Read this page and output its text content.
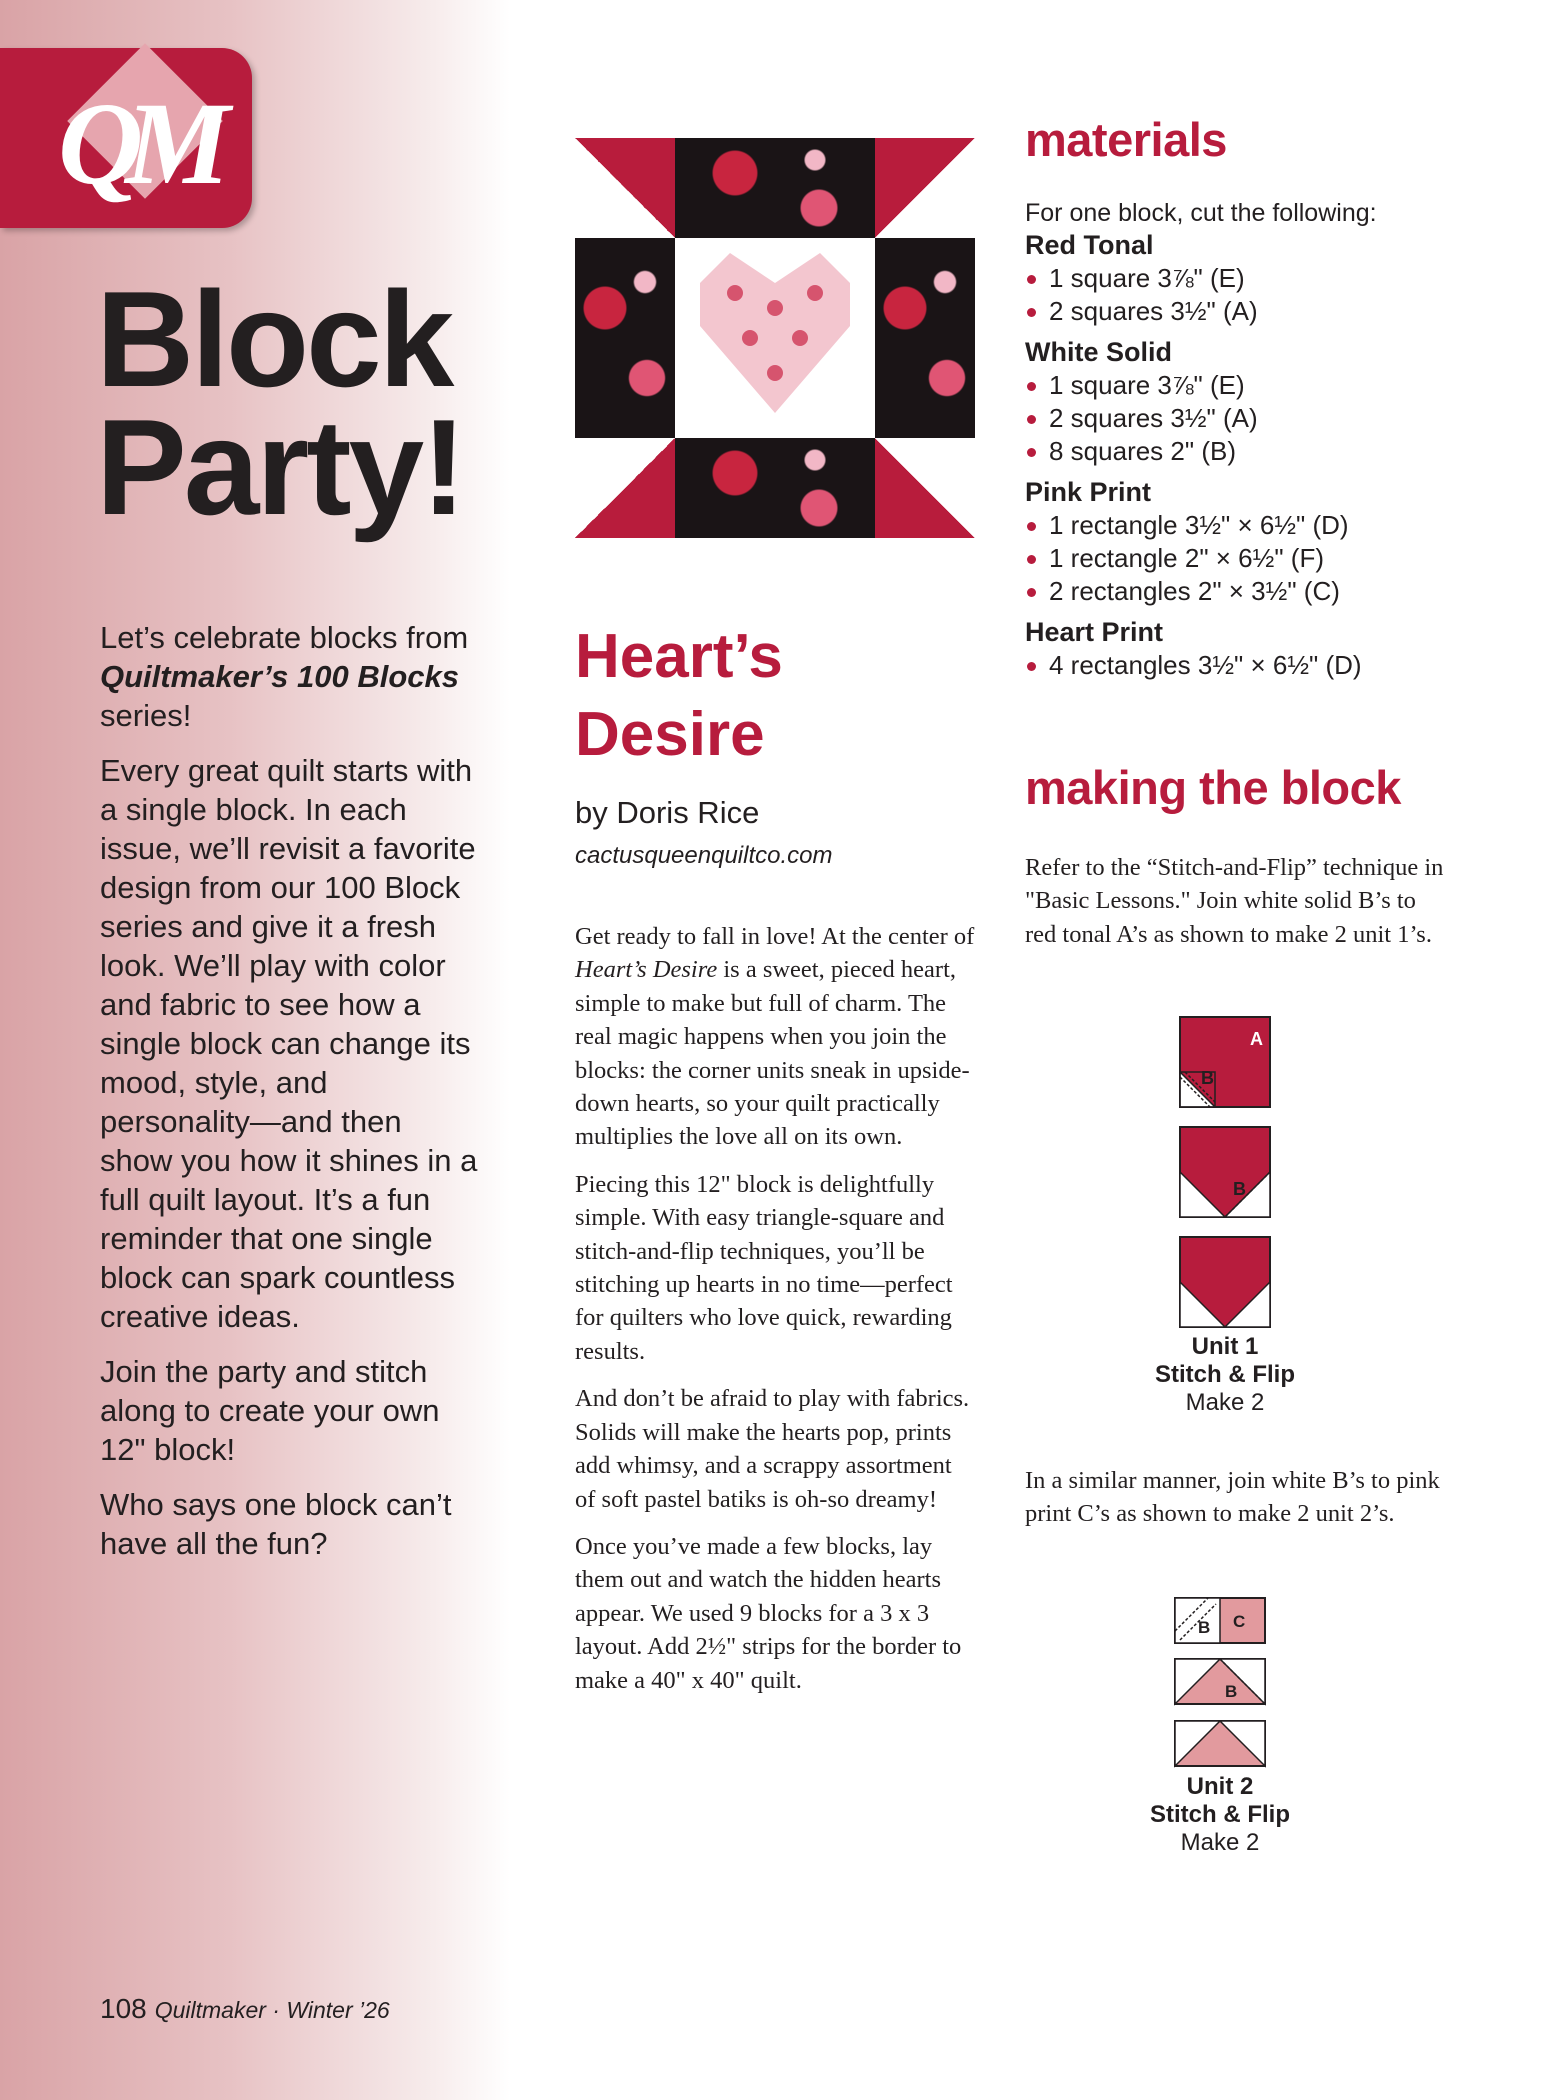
QM
Block
Party!

Let’s celebrate blocks from Quiltmaker’s 100 Blocks series!

Every great quilt starts with a single block. In each issue, we’ll revisit a favorite design from our 100 Block series and give it a fresh look. We’ll play with color and fabric to see how a single block can change its mood, style, and personality—and then show you how it shines in a full quilt layout. It’s a fun reminder that one single block can spark countless creative ideas.

Join the party and stitch along to create your own 12" block!

Who says one block can’t have all the fun?

108 Quiltmaker · Winter ’26
Heart’s
Desire
by Doris Rice
cactusqueenquiltco.com

Get ready to fall in love! At the center of Heart’s Desire is a sweet, pieced heart, simple to make but full of charm. The real magic happens when you join the blocks: the corner units sneak in upside-down hearts, so your quilt practically multiplies the love all on its own.

Piecing this 12" block is delightfully simple. With easy triangle-square and stitch-and-flip techniques, you’ll be stitching up hearts in no time—perfect for quilters who love quick, rewarding results.

And don’t be afraid to play with fabrics. Solids will make the hearts pop, prints add whimsy, and a scrappy assortment of soft pastel batiks is oh-so dreamy!

Once you’ve made a few blocks, lay them out and watch the hidden hearts appear. We used 9 blocks for a 3 x 3 layout. Add 2½" strips for the border to make a 40" x 40" quilt.

materials
For one block, cut the following:
Red Tonal
1 square 3⅞" (E)
2 squares 3½" (A)
White Solid
1 square 3⅞" (E)
2 squares 3½" (A)
8 squares 2" (B)
Pink Print
1 rectangle 3½" × 6½" (D)
1 rectangle 2" × 6½" (F)
2 rectangles 2" × 3½" (C)
Heart Print
4 rectangles 3½" × 6½" (D)
making the block

Refer to the “Stitch-and-Flip” technique in "Basic Lessons." Join white solid B’s to red tonal A’s as shown to make 2 unit 1’s.

A
B
B
Unit 1
Stitch & Flip
Make 2

In a similar manner, join white B’s to pink print C’s as shown to make 2 unit 2’s.

B C
B
Unit 2
Stitch & Flip
Make 2
